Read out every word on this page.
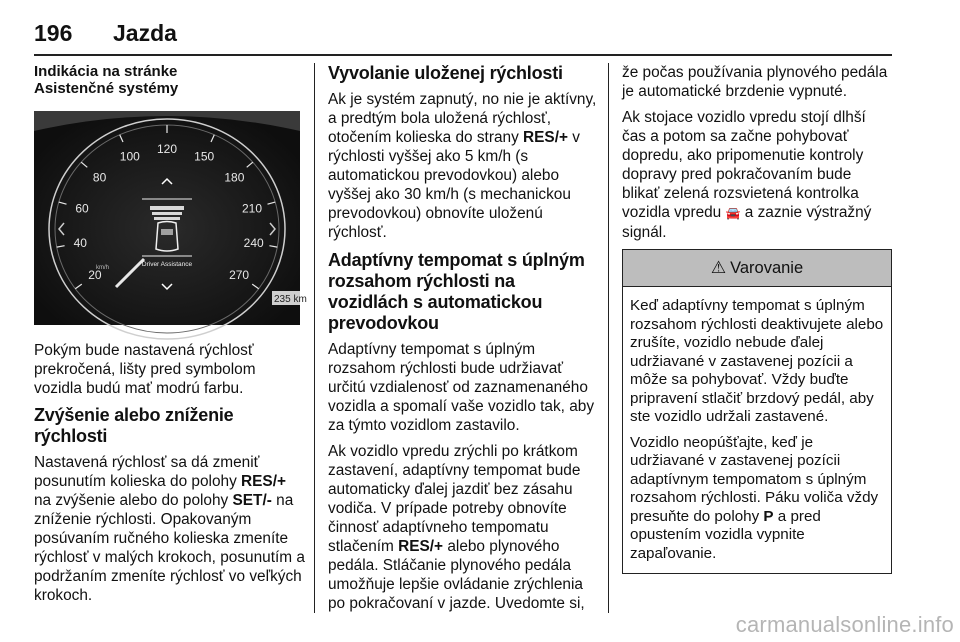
196 Jazda
Indikácia na stránke
Asistenčné systémy
20
40
60
80
100
120
150
180
210
240
270
km/h	Driver Assistance
235 km

Pokým bude nastavená rýchlosť prekročená, lišty pred symbolom vozidla budú mať modrú farbu.

Zvýšenie alebo zníženie rýchlosti

Nastavená rýchlosť sa dá zmeniť posunutím kolieska do polohy RES/+ na zvýšenie alebo do polohy SET/- na zníženie rýchlosti. Opakovaným posúvaním ručného kolieska zmeníte rýchlosť v malých krokoch, posunutím a podržaním zmeníte rýchlosť vo veľkých krokoch.

Vyvolanie uloženej rýchlosti

Ak je systém zapnutý, no nie je aktívny, a predtým bola uložená rýchlosť, otočením kolieska do strany RES/+ v rýchlosti vyššej ako 5 km/h (s automatickou prevodovkou) alebo vyššej ako 30 km/h (s mechanickou prevodovkou) obnovíte uloženú rýchlosť.

Adaptívny tempomat s úplným rozsahom rýchlosti na vozidlách s automatickou prevodovkou

Adaptívny tempomat s úplným rozsahom rýchlosti bude udržiavať určitú vzdialenosť od zaznamenaného vozidla a spomalí vaše vozidlo tak, aby za týmto vozidlom zastavilo.

Ak vozidlo vpredu zrýchli po krátkom zastavení, adaptívny tempomat bude automaticky ďalej jazdiť bez zásahu vodiča. V prípade potreby obnovíte činnosť adaptívneho tempomatu stlačením RES/+ alebo plynového pedála. Stláčanie plynového pedála umožňuje lepšie ovládanie zrýchlenia po pokračovaní v jazde. Uvedomte si,

že počas používania plynového pedála je automatické brzdenie vypnuté.

Ak stojace vozidlo vpredu stojí dlhší čas a potom sa začne pohybovať dopredu, ako pripomenutie kontroly dopravy pred pokračovaním bude blikať zelená rozsvietená kontrolka vozidla vpredu 🚘 a zaznie výstražný signál.

⚠ Varovanie

Keď adaptívny tempomat s úplným rozsahom rýchlosti deaktivujete alebo zrušíte, vozidlo nebude ďalej udržiavané v zastavenej pozícii a môže sa pohybovať. Vždy buďte pripravení stlačiť brzdový pedál, aby ste vozidlo udržali zastavené.

Vozidlo neopúšťajte, keď je udržiavané v zastavenej pozícii adaptívnym tempomatom s úplným rozsahom rýchlosti. Páku voliča vždy presuňte do polohy P a pred opustením vozidla vypnite zapaľovanie.

carmanualsonline.info
